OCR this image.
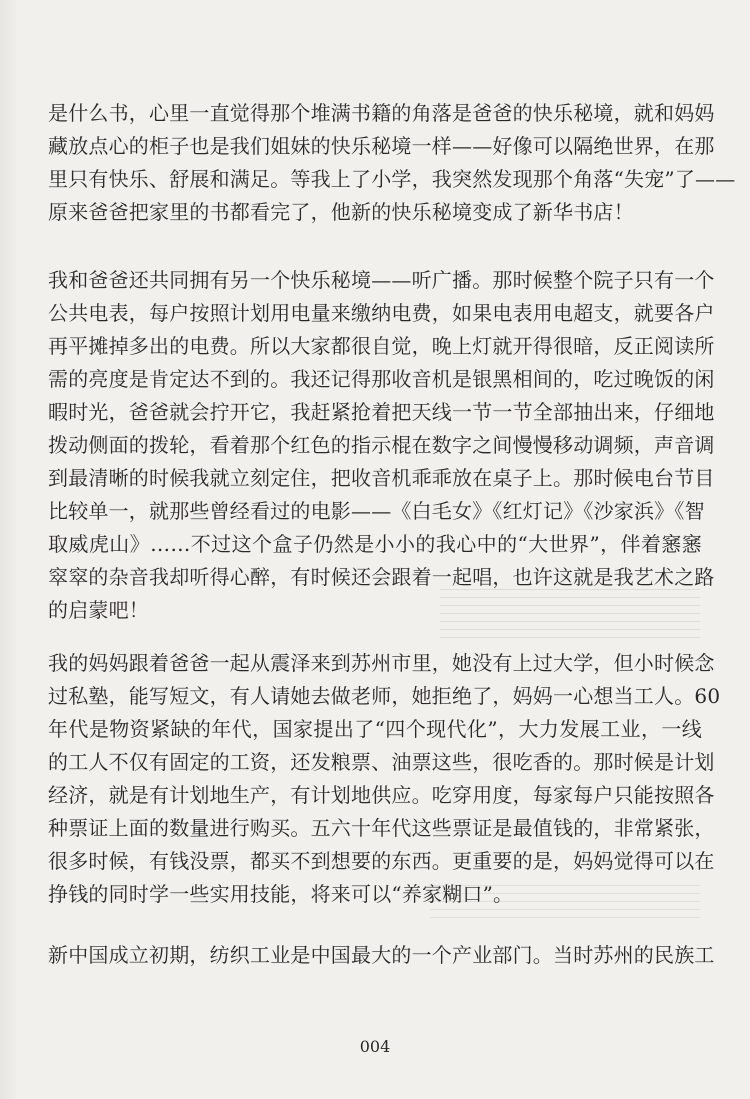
是什么书，心里一直觉得那个堆满书籍的角落是爸爸的快乐秘境，就和妈妈
藏放点心的柜子也是我们姐妹的快乐秘境一样——好像可以隔绝世界，在那
里只有快乐、舒展和满足。等我上了小学，我突然发现那个角落“失宠”了——
原来爸爸把家里的书都看完了，他新的快乐秘境变成了新华书店！
我和爸爸还共同拥有另一个快乐秘境——听广播。那时候整个院子只有一个
公共电表，每户按照计划用电量来缴纳电费，如果电表用电超支，就要各户
再平摊掉多出的电费。所以大家都很自觉，晚上灯就开得很暗，反正阅读所
需的亮度是肯定达不到的。我还记得那收音机是银黑相间的，吃过晚饭的闲
暇时光，爸爸就会拧开它，我赶紧抢着把天线一节一节全部抽出来，仔细地
拨动侧面的拨轮，看着那个红色的指示棍在数字之间慢慢移动调频，声音调
到最清晰的时候我就立刻定住，把收音机乖乖放在桌子上。那时候电台节目
比较单一，就那些曾经看过的电影——《白毛女》《红灯记》《沙家浜》《智
取威虎山》……不过这个盒子仍然是小小的我心中的“大世界”，伴着窸窸
窣窣的杂音我却听得心醉，有时候还会跟着一起唱，也许这就是我艺术之路
的启蒙吧！
我的妈妈跟着爸爸一起从震泽来到苏州市里，她没有上过大学，但小时候念
过私塾，能写短文，有人请她去做老师，她拒绝了，妈妈一心想当工人。60
年代是物资紧缺的年代，国家提出了“四个现代化”，大力发展工业，一线
的工人不仅有固定的工资，还发粮票、油票这些，很吃香的。那时候是计划
经济，就是有计划地生产，有计划地供应。吃穿用度，每家每户只能按照各
种票证上面的数量进行购买。五六十年代这些票证是最值钱的，非常紧张，
很多时候，有钱没票，都买不到想要的东西。更重要的是，妈妈觉得可以在
挣钱的同时学一些实用技能，将来可以“养家糊口”。
新中国成立初期，纺织工业是中国最大的一个产业部门。当时苏州的民族工
004
